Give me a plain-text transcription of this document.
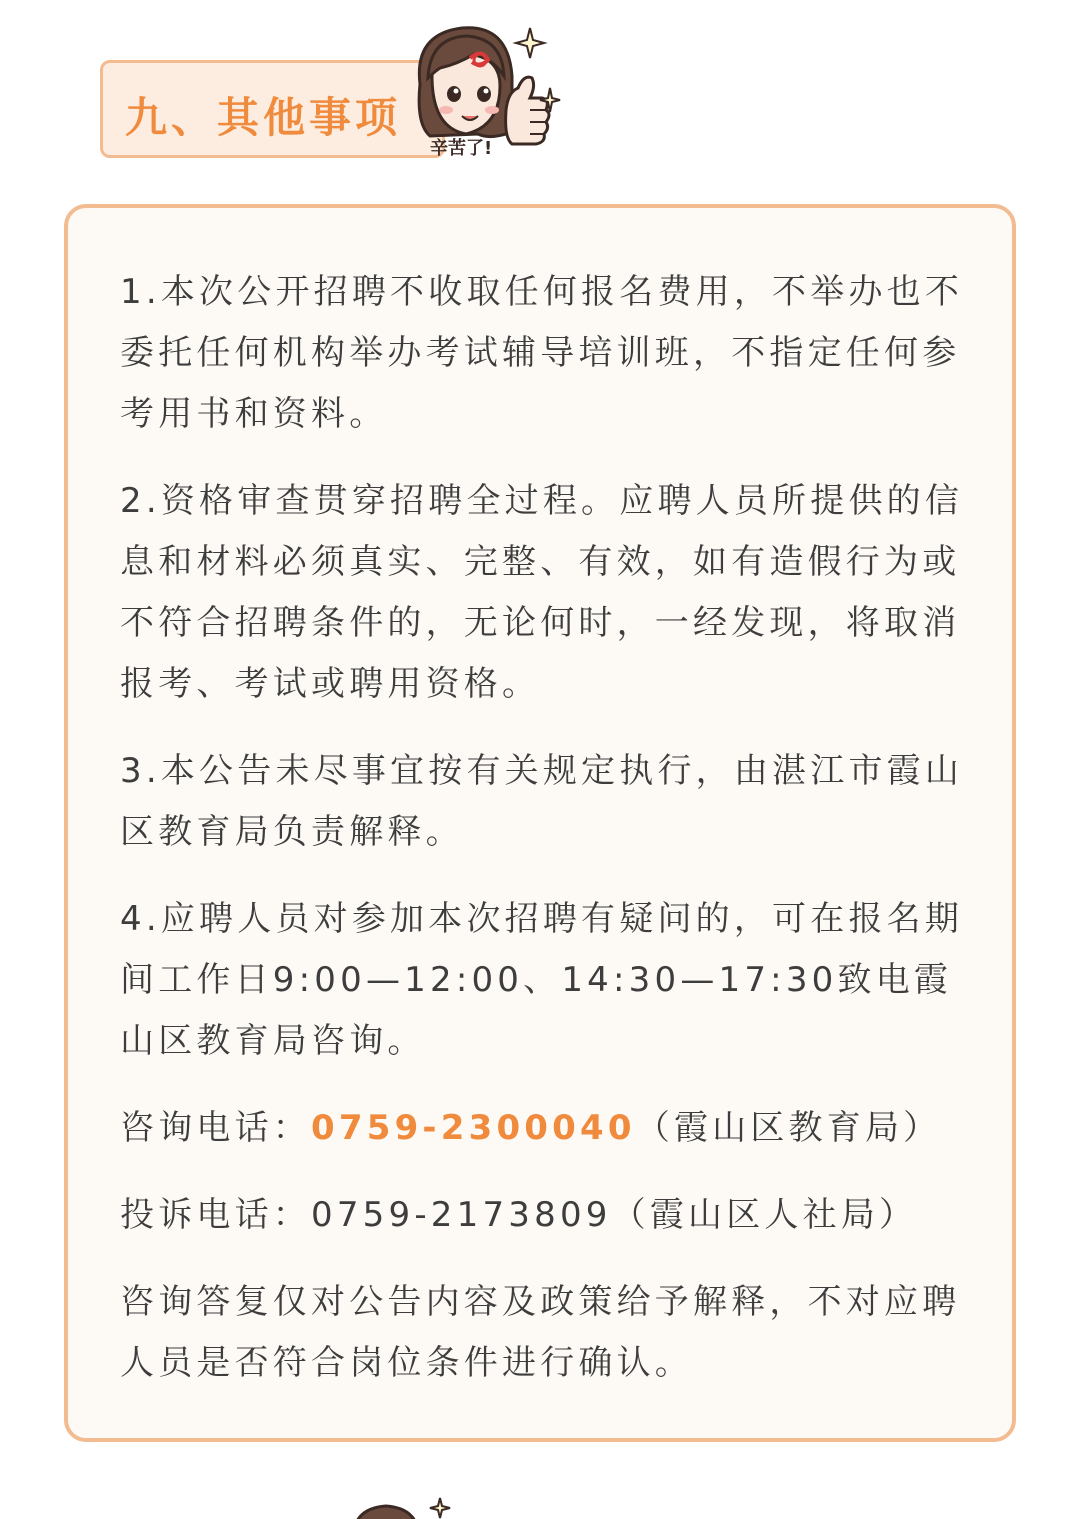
九、其他事项
辛苦了!

1.本次公开招聘不收取任何报名费用，不举办也不委托任何机构举办考试辅导培训班，不指定任何参考用书和资料。

2.资格审查贯穿招聘全过程。应聘人员所提供的信息和材料必须真实、完整、有效，如有造假行为或不符合招聘条件的，无论何时，一经发现，将取消报考、考试或聘用资格。

3.本公告未尽事宜按有关规定执行，由湛江市霞山区教育局负责解释。

4.应聘人员对参加本次招聘有疑问的，可在报名期间工作日9:00—12:00、14:30—17:30致电霞山区教育局咨询。

咨询电话：0759-2300040（霞山区教育局）

投诉电话：0759-2173809（霞山区人社局）

咨询答复仅对公告内容及政策给予解释，不对应聘人员是否符合岗位条件进行确认。
